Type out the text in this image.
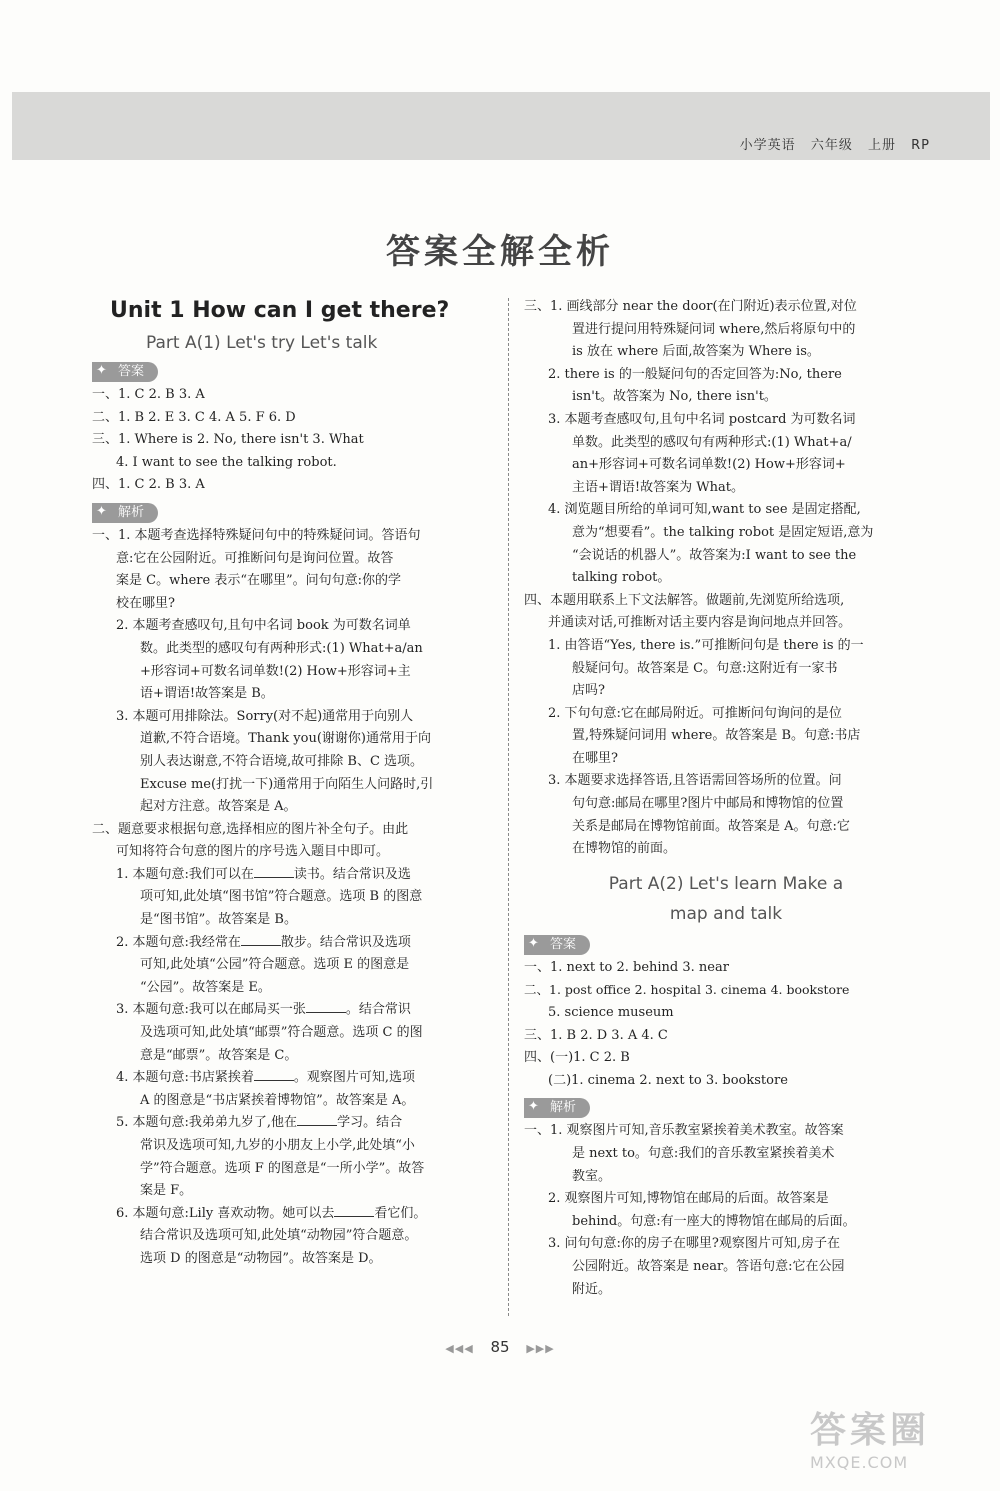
小学英语 六年级 上册 RP
答案全解全析
Unit 1 How can I get there?
Part A(1) Let's try Let's talk
✦ 答案
一、1. C 2. B 3. A
二、1. B 2. E 3. C 4. A 5. F 6. D
三、1. Where is 2. No, there isn't 3. What
4. I want to see the talking robot.
四、1. C 2. B 3. A
✦ 解析
一、1. 本题考查选择特殊疑问句中的特殊疑问词。答语句
意:它在公园附近。可推断问句是询问位置。故答
案是 C。where 表示“在哪里”。问句句意:你的学
校在哪里?
2. 本题考查感叹句,且句中名词 book 为可数名词单
数。此类型的感叹句有两种形式:(1) What+a/an
+形容词+可数名词单数!(2) How+形容词+主
语+谓语!故答案是 B。
3. 本题可用排除法。Sorry(对不起)通常用于向别人
道歉,不符合语境。Thank you(谢谢你)通常用于向
别人表达谢意,不符合语境,故可排除 B、C 选项。
Excuse me(打扰一下)通常用于向陌生人问路时,引
起对方注意。故答案是 A。
二、题意要求根据句意,选择相应的图片补全句子。由此
可知将符合句意的图片的序号选入题目中即可。
1. 本题句意:我们可以在	读书。结合常识及选
项可知,此处填“图书馆”符合题意。选项 B 的图意
是“图书馆”。故答案是 B。
2. 本题句意:我经常在	散步。结合常识及选项
可知,此处填“公园”符合题意。选项 E 的图意是
“公园”。故答案是 E。
3. 本题句意:我可以在邮局买一张	。结合常识
及选项可知,此处填“邮票”符合题意。选项 C 的图
意是“邮票”。故答案是 C。
4. 本题句意:书店紧挨着	。观察图片可知,选项
A 的图意是“书店紧挨着博物馆”。故答案是 A。
5. 本题句意:我弟弟九岁了,他在	学习。结合
常识及选项可知,九岁的小朋友上小学,此处填“小
学”符合题意。选项 F 的图意是“一所小学”。故答
案是 F。
6. 本题句意:Lily 喜欢动物。她可以去	看它们。
结合常识及选项可知,此处填“动物园”符合题意。
选项 D 的图意是“动物园”。故答案是 D。
三、1. 画线部分 near the door(在门附近)表示位置,对位
置进行提问用特殊疑问词 where,然后将原句中的
is 放在 where 后面,故答案为 Where is。
2. there is 的一般疑问句的否定回答为:No, there
isn't。故答案为 No, there isn't。
3. 本题考查感叹句,且句中名词 postcard 为可数名词
单数。此类型的感叹句有两种形式:(1) What+a/
an+形容词+可数名词单数!(2) How+形容词+
主语+谓语!故答案为 What。
4. 浏览题目所给的单词可知,want to see 是固定搭配,
意为“想要看”。the talking robot 是固定短语,意为
“会说话的机器人”。故答案为:I want to see the
talking robot。
四、本题用联系上下文法解答。做题前,先浏览所给选项,
并通读对话,可推断对话主要内容是询问地点并回答。
1. 由答语“Yes, there is.”可推断问句是 there is 的一
般疑问句。故答案是 C。句意:这附近有一家书
店吗?
2. 下句句意:它在邮局附近。可推断问句询问的是位
置,特殊疑问词用 where。故答案是 B。句意:书店
在哪里?
3. 本题要求选择答语,且答语需回答场所的位置。问
句句意:邮局在哪里?图片中邮局和博物馆的位置
关系是邮局在博物馆前面。故答案是 A。句意:它
在博物馆的前面。
Part A(2) Let's learn Make a
map and talk
✦ 答案
一、1. next to 2. behind 3. near
二、1. post office 2. hospital 3. cinema 4. bookstore
5. science museum
三、1. B 2. D 3. A 4. C
四、(一)1. C 2. B
(二)1. cinema 2. next to 3. bookstore
✦ 解析
一、1. 观察图片可知,音乐教室紧挨着美术教室。故答案
是 next to。句意:我们的音乐教室紧挨着美术
教室。
2. 观察图片可知,博物馆在邮局的后面。故答案是
behind。句意:有一座大的博物馆在邮局的后面。
3. 问句句意:你的房子在哪里?观察图片可知,房子在
公园附近。故答案是 near。答语句意:它在公园
附近。
◀◀◀ 85 ▶▶▶
答案圈
MXQE.COM
